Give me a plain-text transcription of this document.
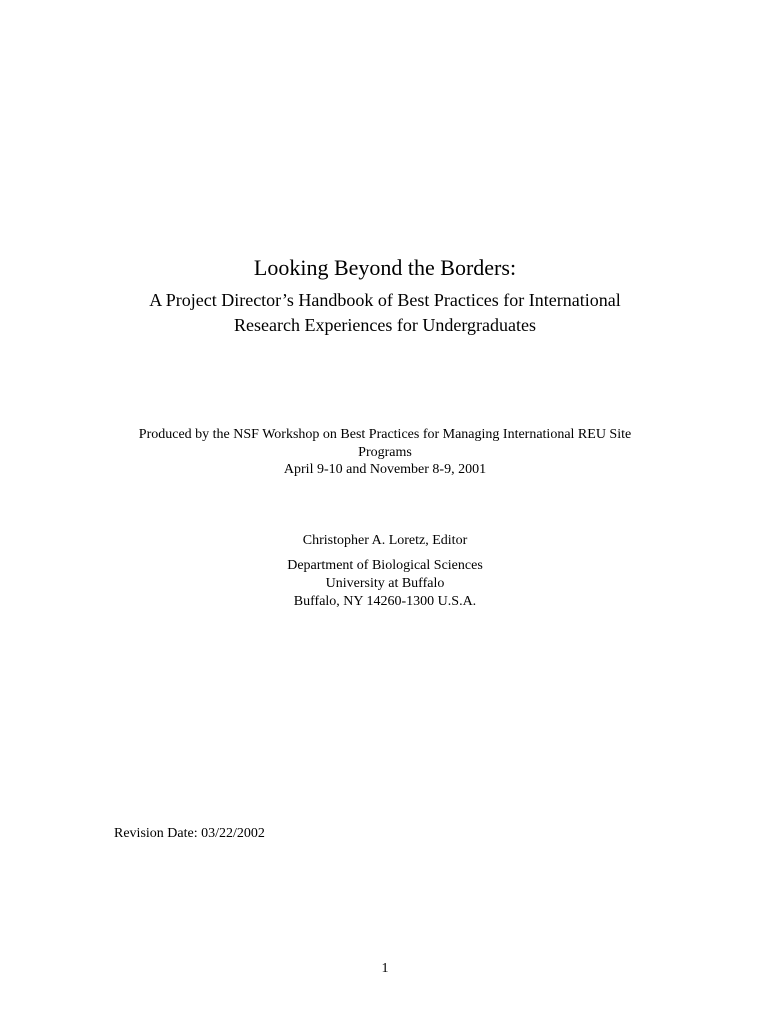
Looking Beyond the Borders:
A Project Director’s Handbook of Best Practices for International
Research Experiences for Undergraduates
Produced by the NSF Workshop on Best Practices for Managing International REU Site
Programs
April 9-10 and November 8-9, 2001
Christopher A. Loretz, Editor
Department of Biological Sciences
University at Buffalo
Buffalo, NY 14260-1300 U.S.A.
Revision Date: 03/22/2002
1
